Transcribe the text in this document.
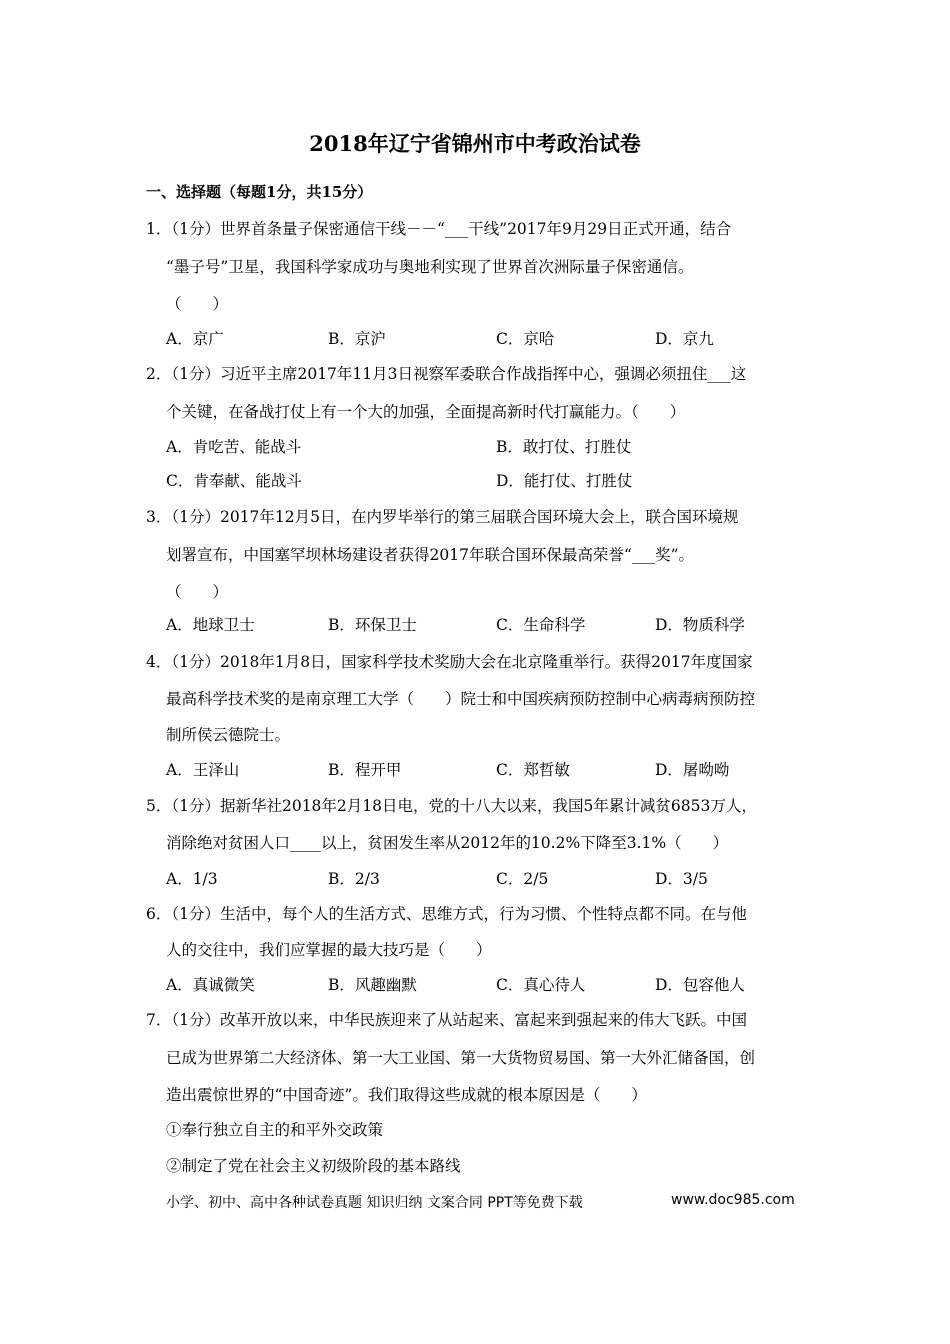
2018年辽宁省锦州市中考政治试卷
一、选择题（每题1分，共15分）
1．（1分）世界首条量子保密通信干线－－“___干线”2017年9月29日正式开通，结合
“墨子号”卫星，我国科学家成功与奥地利实现了世界首次洲际量子保密通信。
（　　）
A．京广	B．京沪	C．京哈	D．京九
2．（1分）习近平主席2017年11月3日视察军委联合作战指挥中心，强调必须扭住___这
个关键，在备战打仗上有一个大的加强，全面提高新时代打赢能力。（　　）
A．肯吃苦、能战斗	B．敢打仗、打胜仗
C．肯奉献、能战斗	D．能打仗、打胜仗
3．（1分）2017年12月5日，在内罗毕举行的第三届联合国环境大会上，联合国环境规
划署宣布，中国塞罕坝林场建设者获得2017年联合国环保最高荣誉“___奖”。
（　　）
A．地球卫士	B．环保卫士	C．生命科学	D．物质科学
4．（1分）2018年1月8日，国家科学技术奖励大会在北京隆重举行。获得2017年度国家
最高科学技术奖的是南京理工大学（　　）院士和中国疾病预防控制中心病毒病预防控
制所侯云德院士。
A．王泽山	B．程开甲	C．郑哲敏	D．屠呦呦
5．（1分）据新华社2018年2月18日电，党的十八大以来，我国5年累计减贫6853万人，
消除绝对贫困人口____以上，贫困发生率从2012年的10.2%下降至3.1%（　　）
A．1/3	B．2/3	C．2/5	D．3/5
6．（1分）生活中，每个人的生活方式、思维方式，行为习惯、个性特点都不同。在与他
人的交往中，我们应掌握的最大技巧是（　　）
A．真诚微笑	B．风趣幽默	C．真心待人	D．包容他人
7．（1分）改革开放以来，中华民族迎来了从站起来、富起来到强起来的伟大飞跃。中国
已成为世界第二大经济体、第一大工业国、第一大货物贸易国、第一大外汇储备国，创
造出震惊世界的“中国奇迹”。我们取得这些成就的根本原因是（　　）
①奉行独立自主的和平外交政策
②制定了党在社会主义初级阶段的基本路线
小学、初中、高中各种试卷真题 知识归纳 文案合同 PPT等免费下载	www.doc985.com
